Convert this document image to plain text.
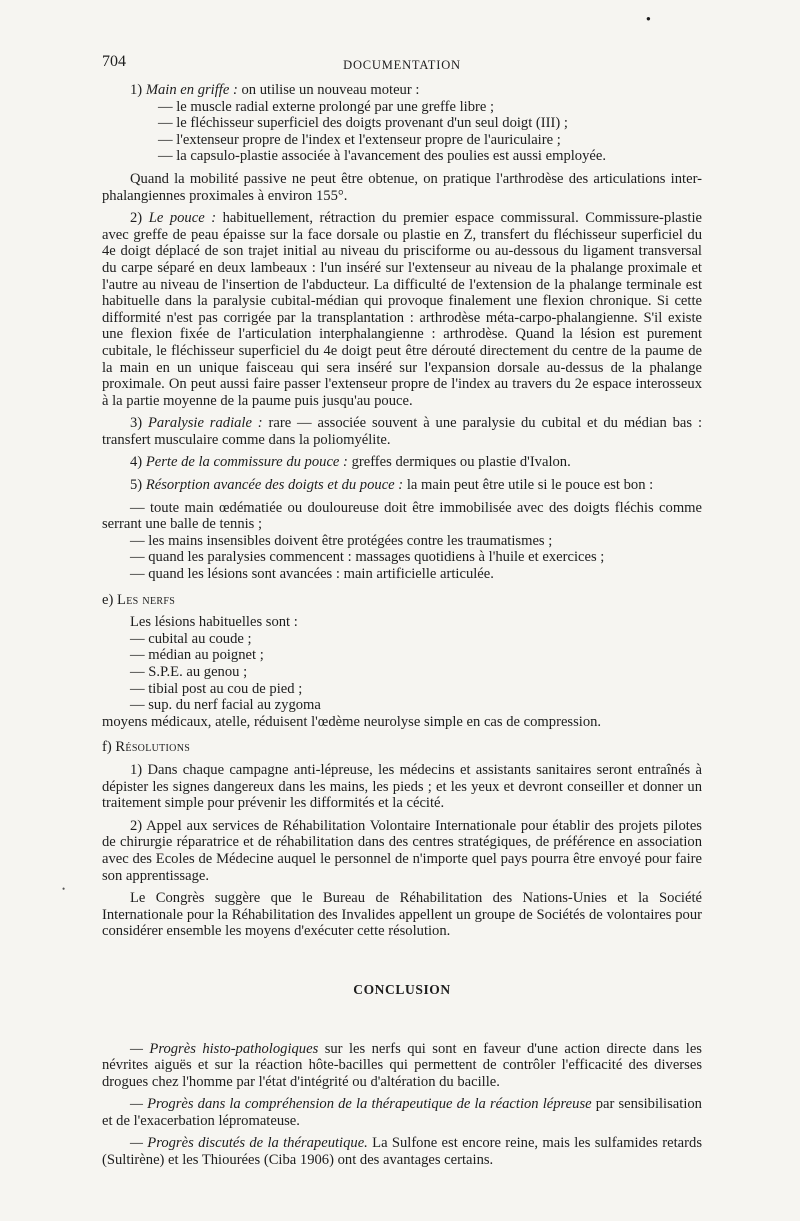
●
•
704	DOCUMENTATION

1) Main en griffe : on utilise un nouveau moteur :

— le muscle radial externe prolongé par une greffe libre ;

— le fléchisseur superficiel des doigts provenant d'un seul doigt (III) ;

— l'extenseur propre de l'index et l'extenseur propre de l'auriculaire ;

— la capsulo-plastie associée à l'avancement des poulies est aussi employée.

Quand la mobilité passive ne peut être obtenue, on pratique l'arthrodèse des articulations inter-phalangiennes proximales à environ 155°.

2) Le pouce : habituellement, rétraction du premier espace commissural. Commissure-plastie avec greffe de peau épaisse sur la face dorsale ou plastie en Z, transfert du fléchisseur superficiel du 4e doigt déplacé de son trajet initial au niveau du prisciforme ou au-dessous du ligament transversal du carpe séparé en deux lambeaux : l'un inséré sur l'extenseur au niveau de la phalange proximale et l'autre au niveau de l'insertion de l'abducteur. La difficulté de l'extension de la phalange terminale est habituelle dans la paralysie cubital-médian qui provoque finalement une flexion chronique. Si cette difformité n'est pas corrigée par la transplantation : arthrodèse méta-carpo-phalangienne. S'il existe une flexion fixée de l'articulation interphalangienne : arthrodèse. Quand la lésion est purement cubitale, le fléchisseur superficiel du 4e doigt peut être dérouté directement du centre de la paume de la main en un unique faisceau qui sera inséré sur l'expansion dorsale au-dessus de la phalange proximale. On peut aussi faire passer l'extenseur propre de l'index au travers du 2e espace interosseux à la partie moyenne de la paume puis jusqu'au pouce.

3) Paralysie radiale : rare — associée souvent à une paralysie du cubital et du médian bas : transfert musculaire comme dans la poliomyélite.

4) Perte de la commissure du pouce : greffes dermiques ou plastie d'Ivalon.

5) Résorption avancée des doigts et du pouce : la main peut être utile si le pouce est bon :

— toute main œdématiée ou douloureuse doit être immobilisée avec des doigts fléchis comme serrant une balle de tennis ;

— les mains insensibles doivent être protégées contre les traumatismes ;

— quand les paralysies commencent : massages quotidiens à l'huile et exercices ;

— quand les lésions sont avancées : main artificielle articulée.

e) Les nerfs

Les lésions habituelles sont :

— cubital au coude ;

— médian au poignet ;

— S.P.E. au genou ;

— tibial post au cou de pied ;

— sup. du nerf facial au zygoma

moyens médicaux, atelle, réduisent l'œdème neurolyse simple en cas de compression.

f) Résolutions

1) Dans chaque campagne anti-lépreuse, les médecins et assistants sanitaires seront entraînés à dépister les signes dangereux dans les mains, les pieds ; et les yeux et devront conseiller et donner un traitement simple pour prévenir les difformités et la cécité.

2) Appel aux services de Réhabilitation Volontaire Internationale pour établir des projets pilotes de chirurgie réparatrice et de réhabilitation dans des centres stratégiques, de préférence en association avec des Ecoles de Médecine auquel le personnel de n'importe quel pays pourra être envoyé pour faire son apprentissage.

Le Congrès suggère que le Bureau de Réhabilitation des Nations-Unies et la Société Internationale pour la Réhabilitation des Invalides appellent un groupe de Sociétés de volontaires pour considérer ensemble les moyens d'exécuter cette résolution.

CONCLUSION

— Progrès histo-pathologiques sur les nerfs qui sont en faveur d'une action directe dans les névrites aiguës et sur la réaction hôte-bacilles qui permettent de contrôler l'efficacité des diverses drogues chez l'homme par l'état d'intégrité ou d'altération du bacille.

— Progrès dans la compréhension de la thérapeutique de la réaction lépreuse par sensibilisation et de l'exacerbation lépromateuse.

— Progrès discutés de la thérapeutique. La Sulfone est encore reine, mais les sulfamides retards (Sultirène) et les Thiourées (Ciba 1906) ont des avantages certains.
